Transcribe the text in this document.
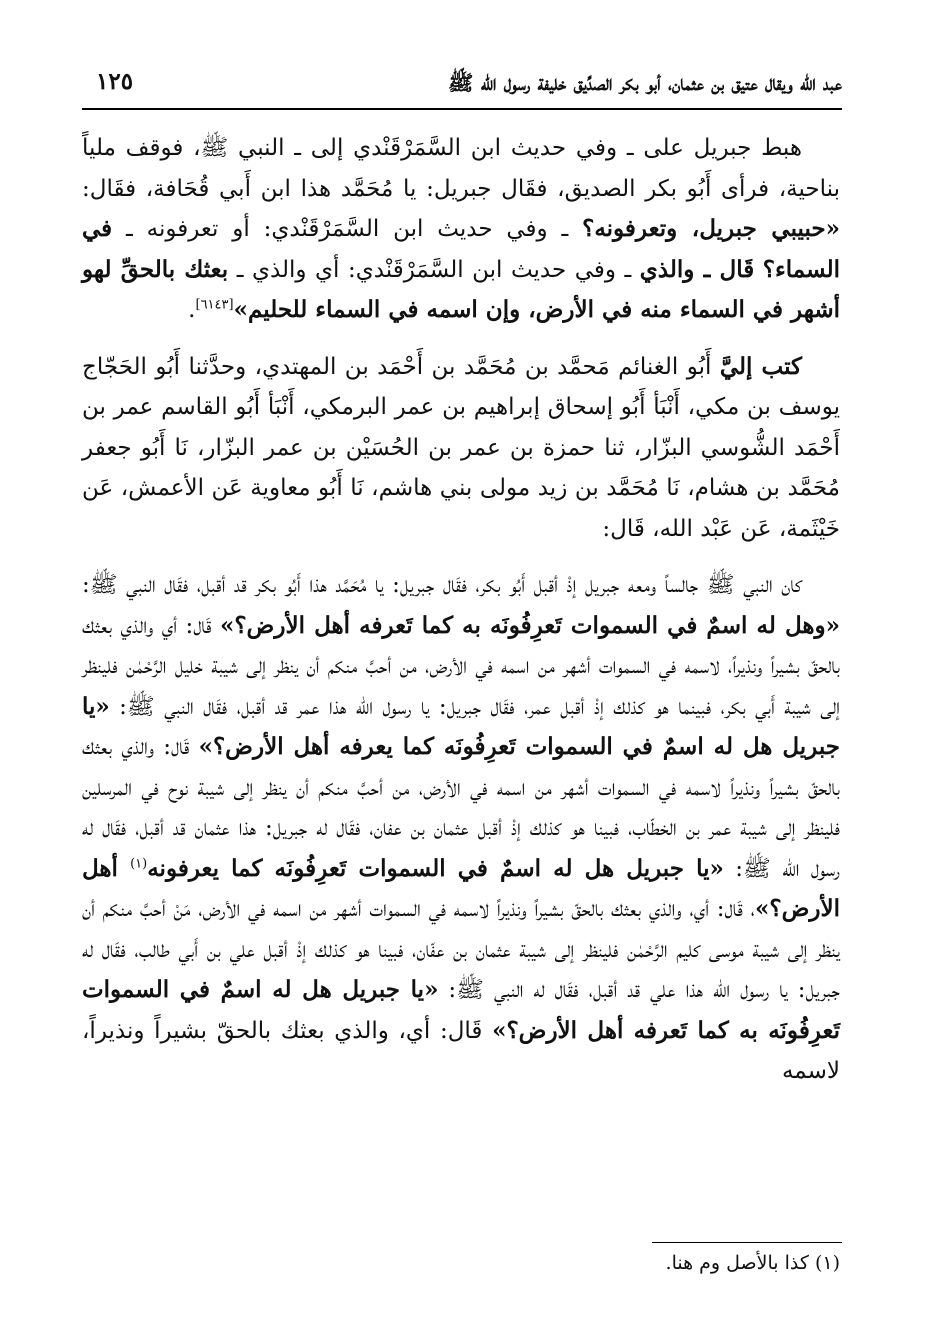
عبد الله ويقال عتيق بن عثمان، أبو بكر الصدِّيق خليفة رسول الله ﷺ
١٢٥

هبط جبريل على ـ وفي حديث ابن السَّمَرْقَنْدي إلى ـ النبي ﷺ، فوقف ملياً بناحية، فرأى أَبُو بكر الصديق، فقَال جبريل: يا مُحَمَّد هذا ابن أَبي قُحَافة، فقَال: «حبيبي جبريل، وتعرفونه؟ ـ وفي حديث ابن السَّمَرْقَنْدي: أو تعرفونه ـ في السماء؟ قَال ـ والذي ـ وفي حديث ابن السَّمَرْقَنْدي: أي والذي ـ بعثك بالحقِّ لهو أشهر في السماء منه في الأرض، وإن اسمه في السماء للحليم»[٦١٤٣].

كتب إليَّ أَبُو الغنائم مَحمَّد بن مُحَمَّد بن أَحْمَد بن المهتدي، وحدَّثنا أَبُو الحَجّاج يوسف بن مكي، أَنْبَأ أَبُو إسحاق إبراهيم بن عمر البرمكي، أَنْبَأ أَبُو القاسم عمر بن أَحْمَد الشُّوسي البزّار، ثنا حمزة بن عمر بن الحُسَيْن بن عمر البزّار، نَا أَبُو جعفر مُحَمَّد بن هشام، نَا مُحَمَّد بن زيد مولى بني هاشم، نَا أَبُو معاوية عَن الأعمش، عَن خَيْثَمة، عَن عَبْد الله، قَال:

كان النبي ﷺ جالساً ومعه جبريل إذْ أقبل أَبُو بكر، فقَال جبريل: يا مُحَمَّد هذا أَبُو بكر قد أقبل، فقَال النبي ﷺ: «وهل له اسمٌ في السموات تَعرِفُونَه به كما تَعرفه أهل الأرض؟» قَال: أي والذي بعثك بالحقّ بشيراً ونذيراً، لاسمه في السموات أشهر من اسمه في الأرض، من أحبَّ منكم أن ينظر إلى شيبة خليل الرَّحْمٰن فلينظر إلى شيبة أَبي بكر، فبينما هو كذلك إذْ أقبل عمر، فقَال جبريل: يا رسول الله هذا عمر قد أقبل، فقَال النبي ﷺ: «يا جبريل هل له اسمٌ في السموات تَعرِفُونَه كما يعرفه أهل الأرض؟» قَال: والذي بعثك بالحقّ بشيراً ونذيراً لاسمه في السموات أشهر من اسمه في الأرض، من أحبَّ منكم أن ينظر إلى شيبة نوح في المرسلين فلينظر إلى شيبة عمر بن الخطّاب، فبينا هو كذلك إذْ أقبل عثمان بن عفان، فقَال له جبريل: هذا عثمان قد أقبل، فقَال له رسول الله ﷺ: «يا جبريل هل له اسمٌ في السموات تَعرِفُونَه كما يعرفونه$^{(١)}$ أهل الأرض؟»، قَال: أي، والذي بعثك بالحقّ بشيراً ونذيراً لاسمه في السموات أشهر من اسمه في الأرض، مَنْ أحبَّ منكم أن ينظر إلى شيبة موسى كليم الرَّحْمٰن فلينظر إلى شيبة عثمان بن عفّان، فبينا هو كذلك إذْ أقبل علي بن أَبي طالب، فقَال له جبريل: يا رسول الله هذا علي قد أقبل، فقَال له النبي ﷺ: «يا جبريل هل له اسمٌ في السموات تَعرِفُونَه به كما تَعرفه أهل الأرض؟» قَال: أي، والذي بعثك بالحقّ بشيراً ونذيراً، لاسمه

(١) كذا بالأصل وم هنا.
